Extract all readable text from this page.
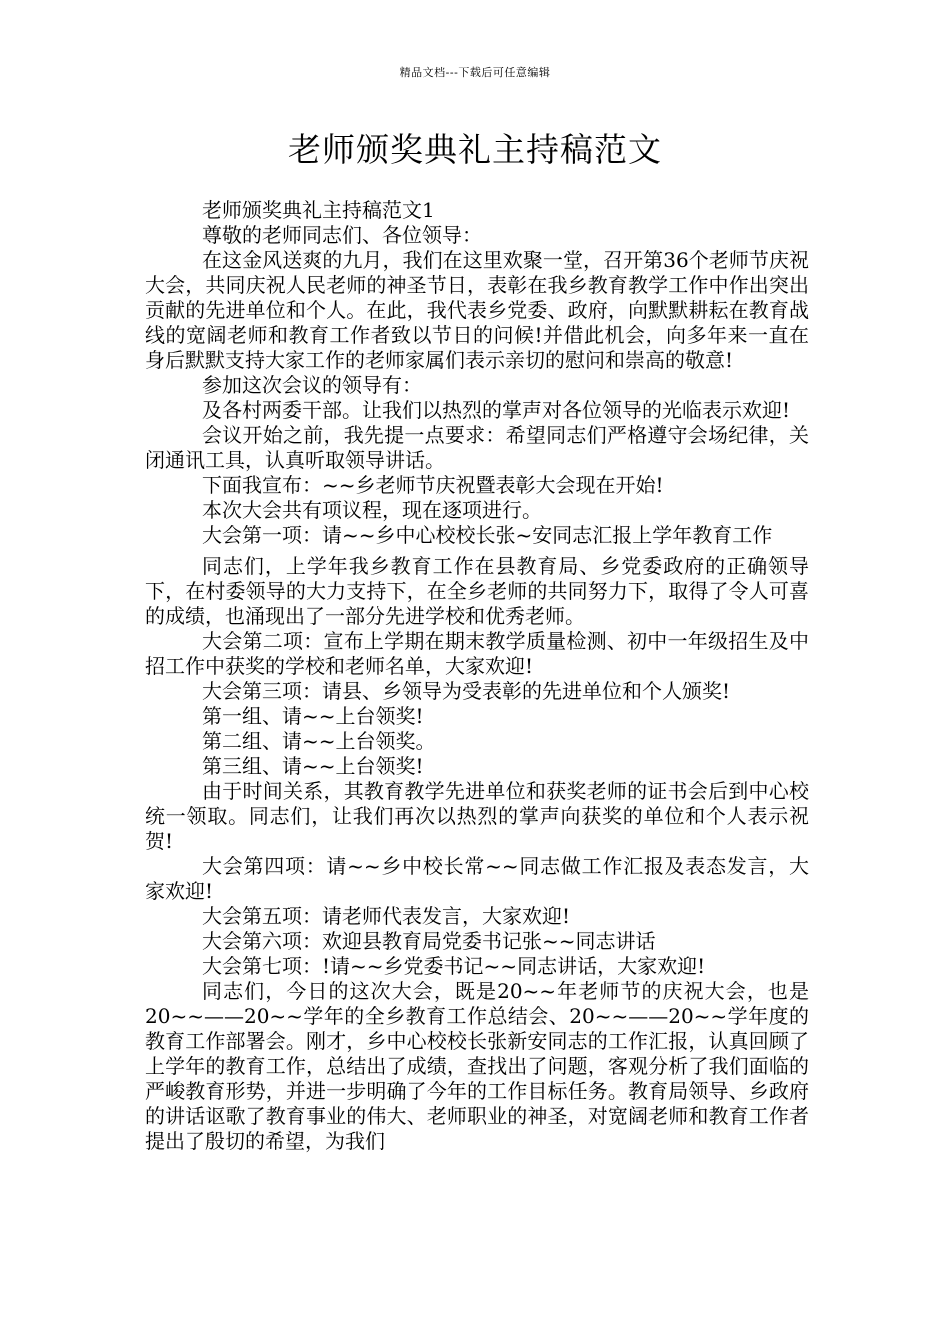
精品文档---下载后可任意编辑
老师颁奖典礼主持稿范文

老师颁奖典礼主持稿范文1

尊敬的老师同志们、各位领导：

在这金风送爽的九月，我们在这里欢聚一堂，召开第36个老师节庆祝大会，共同庆祝人民老师的神圣节日，表彰在我乡教育教学工作中作出突出贡献的先进单位和个人。在此，我代表乡党委、政府，向默默耕耘在教育战线的宽阔老师和教育工作者致以节日的问候!并借此机会，向多年来一直在身后默默支持大家工作的老师家属们表示亲切的慰问和崇高的敬意!

参加这次会议的领导有：

及各村两委干部。让我们以热烈的掌声对各位领导的光临表示欢迎!

会议开始之前，我先提一点要求：希望同志们严格遵守会场纪律，关闭通讯工具，认真听取领导讲话。

下面我宣布：~~乡老师节庆祝暨表彰大会现在开始!

本次大会共有项议程，现在逐项进行。

大会第一项：请~~乡中心校校长张~安同志汇报上学年教育工作

同志们，上学年我乡教育工作在县教育局、乡党委政府的正确领导下，在村委领导的大力支持下，在全乡老师的共同努力下，取得了令人可喜的成绩，也涌现出了一部分先进学校和优秀老师。

大会第二项：宣布上学期在期末教学质量检测、初中一年级招生及中招工作中获奖的学校和老师名单，大家欢迎!

大会第三项：请县、乡领导为受表彰的先进单位和个人颁奖!

第一组、请~~上台领奖!

第二组、请~~上台领奖。

第三组、请~~上台领奖!

由于时间关系，其教育教学先进单位和获奖老师的证书会后到中心校统一领取。同志们，让我们再次以热烈的掌声向获奖的单位和个人表示祝贺!

大会第四项：请~~乡中校长常~~同志做工作汇报及表态发言，大家欢迎!

大会第五项：请老师代表发言，大家欢迎!

大会第六项：欢迎县教育局党委书记张~~同志讲话

大会第七项：!请~~乡党委书记~~同志讲话，大家欢迎!

同志们，今日的这次大会，既是20~~年老师节的庆祝大会，也是20~~——20~~学年的全乡教育工作总结会、20~~——20~~学年度的教育工作部署会。刚才，乡中心校校长张新安同志的工作汇报，认真回顾了上学年的教育工作，总结出了成绩，查找出了问题，客观分析了我们面临的严峻教育形势，并进一步明确了今年的工作目标任务。教育局领导、乡政府的讲话讴歌了教育事业的伟大、老师职业的神圣，对宽阔老师和教育工作者提出了殷切的希望，为我们
